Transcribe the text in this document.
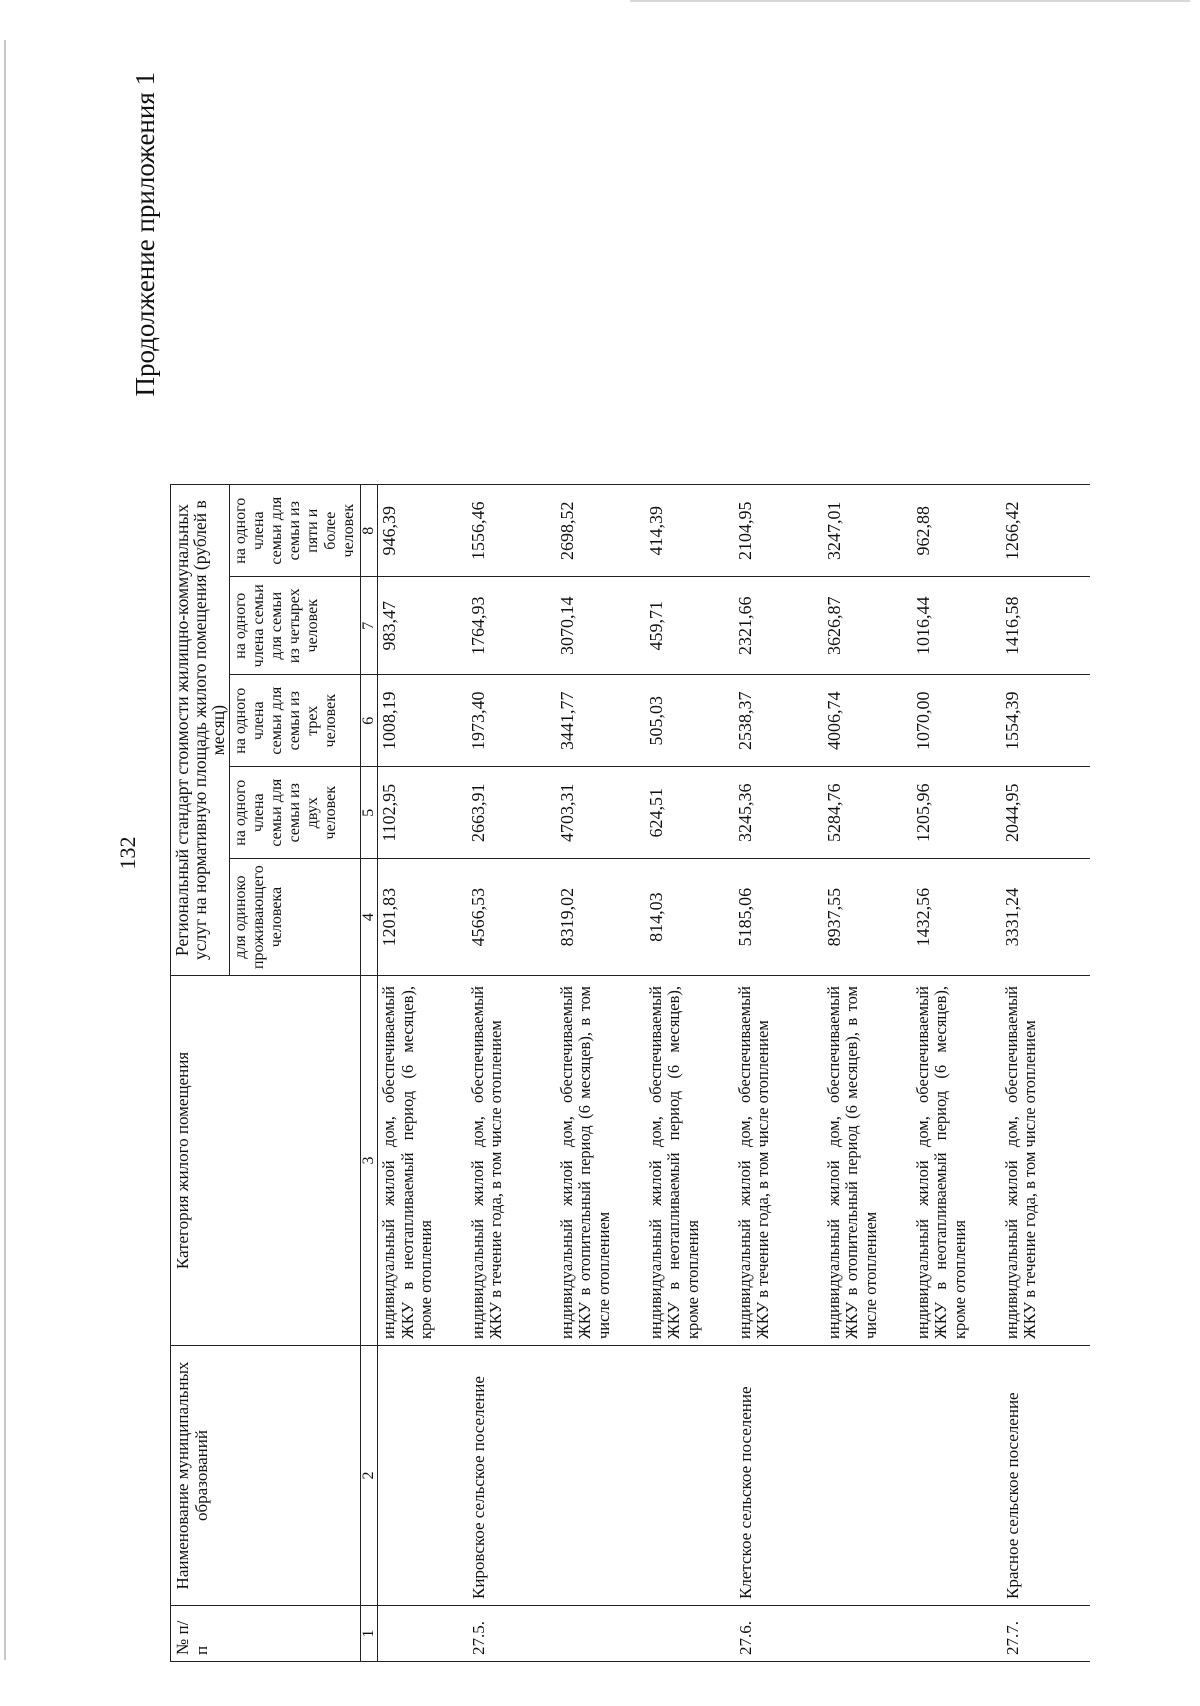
132
Продолжение приложения 1
№ п/п	Наименование муниципальных образований	Категория жилого помещения	Региональный стандарт стоимости жилищно-коммунальных услуг на нормативную площадь жилого помещения (рублей в месяц)				
			для одиноко проживающего человека	на одного члена семьи для семьи из двух человек	на одного члена семьи для семьи из трех человек	на одного члена семьи для семьи из четырех человек	на одного члена семьи для семьи из пяти и более человек
1	2	3	4	5	6	7	8
		индивидуальный жилой дом, обеспечиваемый ЖКУ в неотапливаемый период (6 месяцев), кроме отопления	1201,83	1102,95	1008,19	983,47	946,39
27.5.	Кировское сельское поселение	индивидуальный жилой дом, обеспечиваемый ЖКУ в течение года, в том числе отоплением	4566,53	2663,91	1973,40	1764,93	1556,46
		индивидуальный жилой дом, обеспечиваемый ЖКУ в отопительный период (6 месяцев), в том числе отоплением	8319,02	4703,31	3441,77	3070,14	2698,52
		индивидуальный жилой дом, обеспечиваемый ЖКУ в неотапливаемый период (6 месяцев), кроме отопления	814,03	624,51	505,03	459,71	414,39
27.6.	Клетское сельское поселение	индивидуальный жилой дом, обеспечиваемый ЖКУ в течение года, в том числе отоплением	5185,06	3245,36	2538,37	2321,66	2104,95
		индивидуальный жилой дом, обеспечиваемый ЖКУ в отопительный период (6 месяцев), в том числе отоплением	8937,55	5284,76	4006,74	3626,87	3247,01
		индивидуальный жилой дом, обеспечиваемый ЖКУ в неотапливаемый период (6 месяцев), кроме отопления	1432,56	1205,96	1070,00	1016,44	962,88
27.7.	Красное сельское поселение	индивидуальный жилой дом, обеспечиваемый ЖКУ в течение года, в том числе отоплением	3331,24	2044,95	1554,39	1416,58	1266,42
